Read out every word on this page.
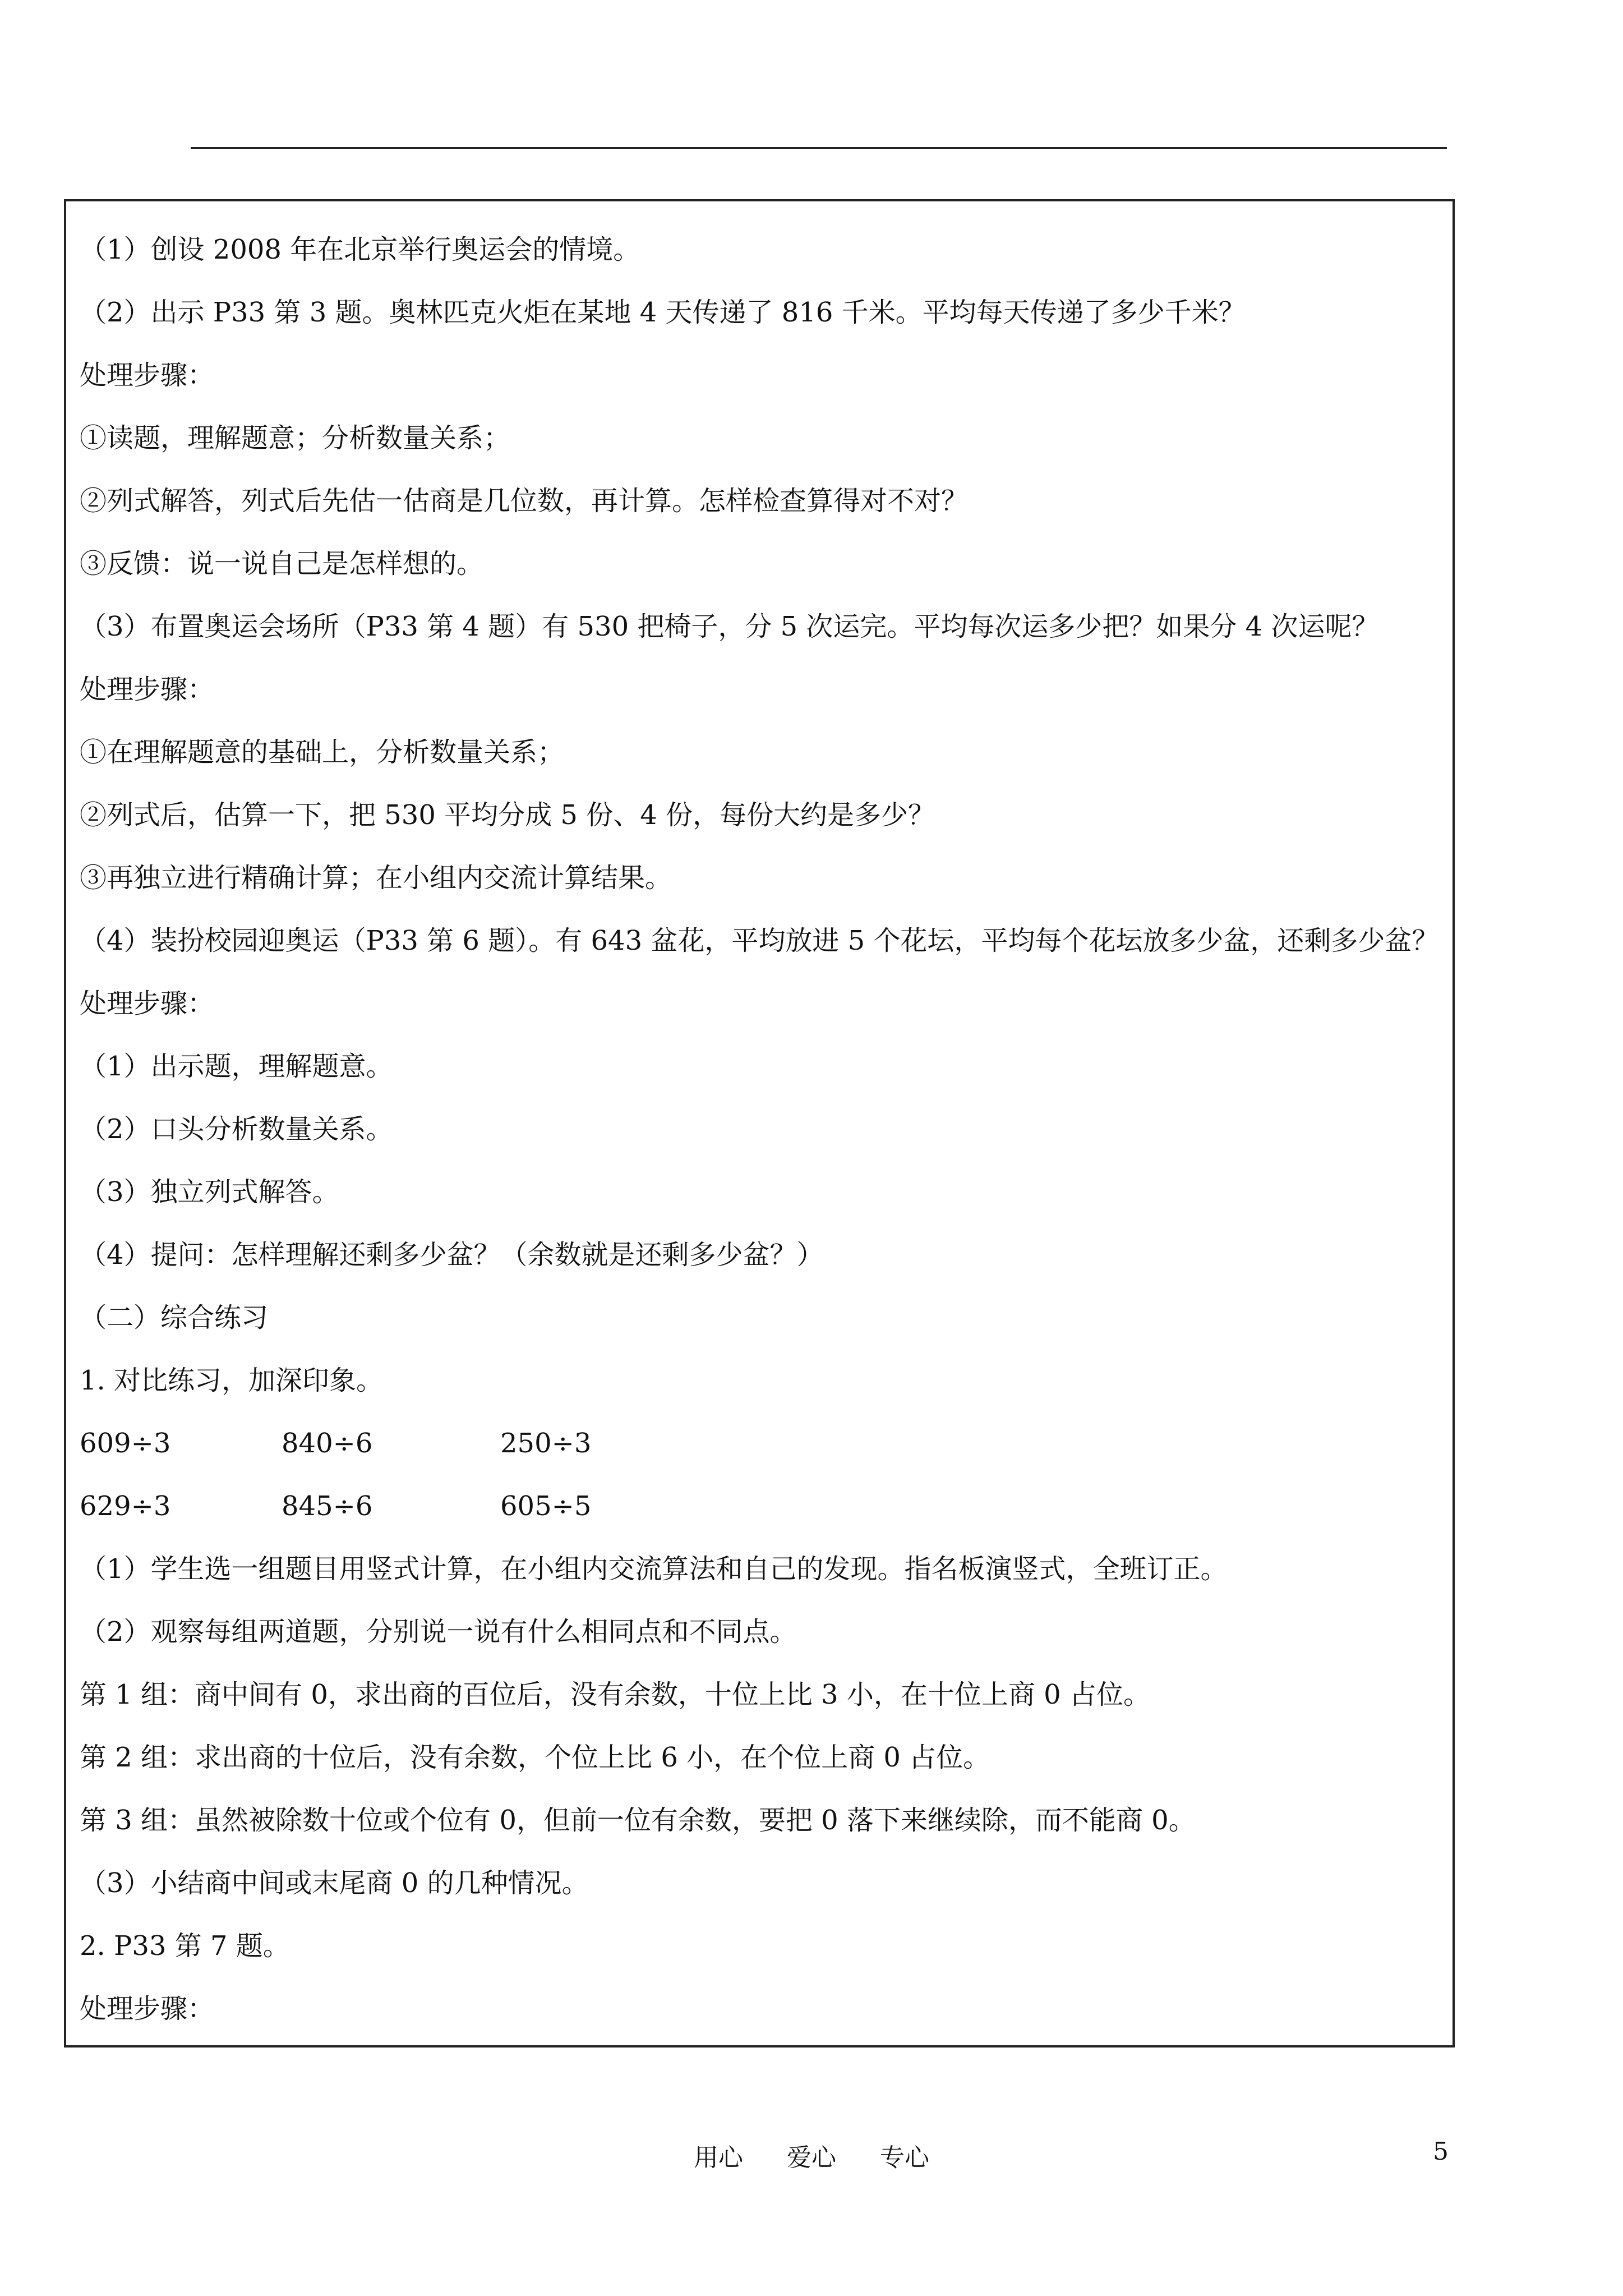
（1）创设 2008 年在北京举行奥运会的情境。

（2）出示 P33 第 3 题。奥林匹克火炬在某地 4 天传递了 816 千米。平均每天传递了多少千米？

处理步骤：

①读题，理解题意；分析数量关系；

②列式解答，列式后先估一估商是几位数，再计算。怎样检查算得对不对？

③反馈：说一说自己是怎样想的。

（3）布置奥运会场所（P33 第 4 题）有 530 把椅子，分 5 次运完。平均每次运多少把？如果分 4 次运呢？

处理步骤：

①在理解题意的基础上，分析数量关系；

②列式后，估算一下，把 530 平均分成 5 份、4 份，每份大约是多少？

③再独立进行精确计算；在小组内交流计算结果。

（4）装扮校园迎奥运（P33 第 6 题）。有 643 盆花，平均放进 5 个花坛，平均每个花坛放多少盆，还剩多少盆？处理步骤：

（1）出示题，理解题意。

（2）口头分析数量关系。

（3）独立列式解答。

（4）提问：怎样理解还剩多少盆？（余数就是还剩多少盆？）

（二）综合练习

1. 对比练习，加深印象。

609÷3	840÷6	250÷3
629÷3	845÷6	605÷5

（1）学生选一组题目用竖式计算，在小组内交流算法和自己的发现。指名板演竖式，全班订正。

（2）观察每组两道题，分别说一说有什么相同点和不同点。

第 1 组：商中间有 0，求出商的百位后，没有余数，十位上比 3 小，在十位上商 0 占位。

第 2 组：求出商的十位后，没有余数，个位上比 6 小，在个位上商 0 占位。

第 3 组：虽然被除数十位或个位有 0，但前一位有余数，要把 0 落下来继续除，而不能商 0。

（3）小结商中间或末尾商 0 的几种情况。

2. P33 第 7 题。

处理步骤：

用心 爱心 专心	5
